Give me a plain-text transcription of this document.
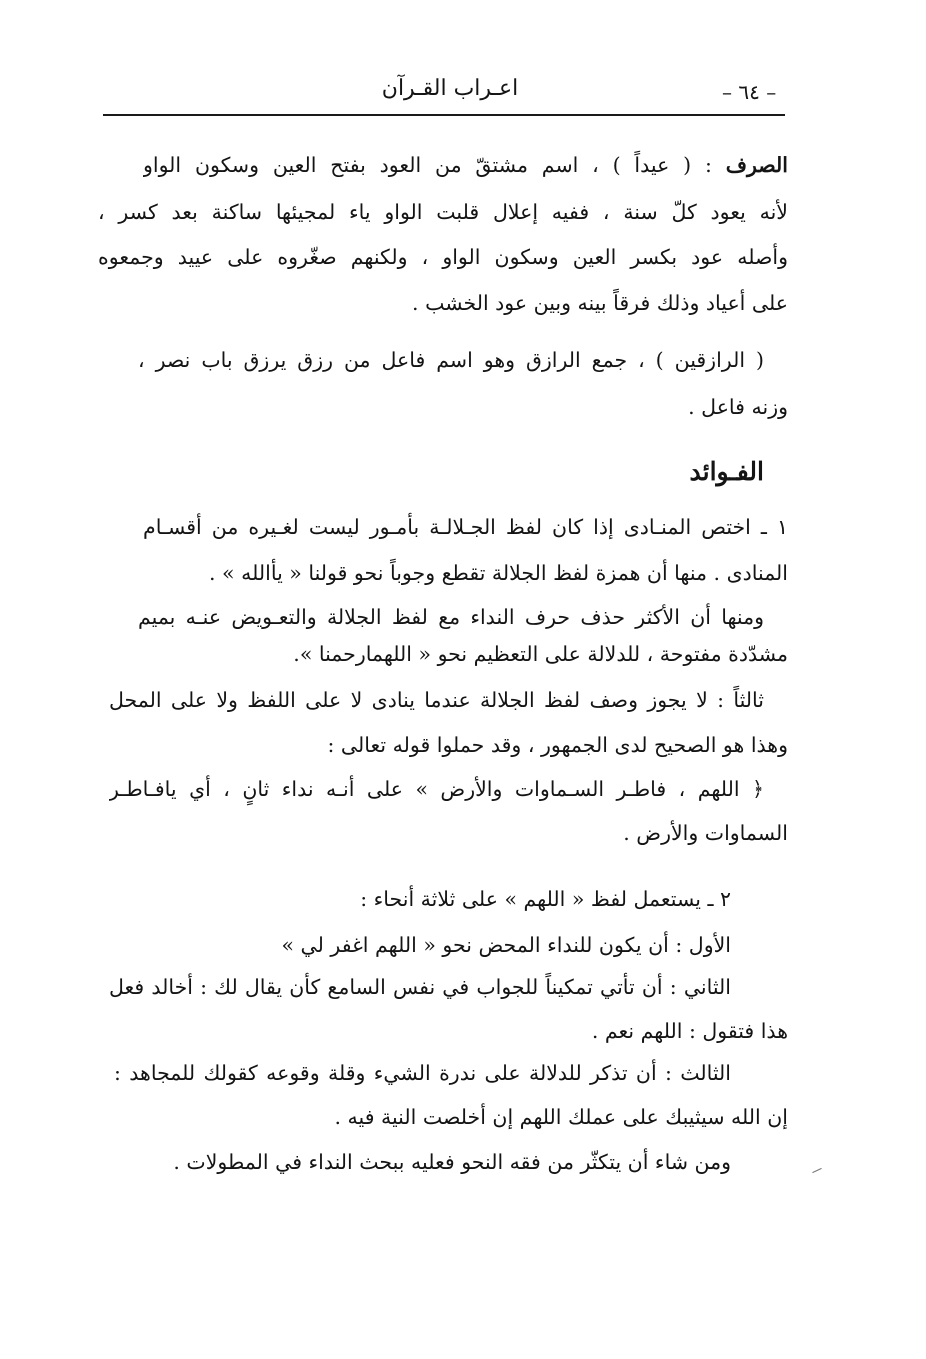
– ٦٤ –
اعـراب القـرآن
الصرف : ( عيداً ) ، اسم مشتقّ من العود بفتح العين وسكون الواو
لأنه يعود كلّ سنة ، ففيه إعلال قلبت الواو ياء لمجيئها ساكنة بعد كسر ،
وأصله عود بكسر العين وسكون الواو ، ولكنهم صغّروه على عييد وجمعوه
على أعياد وذلك فرقاً بينه وبين عود الخشب .
( الرازقين ) ، جمع الرازق وهو اسم فاعل من رزق يرزق باب نصر ،
وزنه فاعل .
الفـوائد
١ ـ اختص المنـادى إذا كان لفظ الجـلالـة بأمـور ليست لغـيره من أقسـام
المنادى . منها أن همزة لفظ الجلالة تقطع وجوباً نحو قولنا « يأالله » .
ومنها أن الأكثر حذف حرف النداء مع لفظ الجلالة والتعـويض عنـه بميم
مشدّدة مفتوحة ، للدلالة على التعظيم نحو « اللهمارحمنا ».
ثالثاً : لا يجوز وصف لفظ الجلالة عندما ينادى لا على اللفظ ولا على المحل
وهذا هو الصحيح لدى الجمهور ، وقد حملوا قوله تعالى :
﴿ اللهم ، فاطـر السـماوات والأرض » على أنـه نداء ثانٍ ، أي يافـاطـر
السماوات والأرض .
٢ ـ يستعمل لفظ « اللهم » على ثلاثة أنحاء :
الأول : أن يكون للنداء المحض نحو « اللهم اغفر لي »
الثاني : أن تأتي تمكيناً للجواب في نفس السامع كأن يقال لك : أخالد فعل
هذا فتقول : اللهم نعم .
الثالث : أن تذكر للدلالة على ندرة الشيء وقلة وقوعه كقولك للمجاهد :
إن الله سيثيبك على عملك اللهم إن أخلصت النية فيه .
ومن شاء أن يتكثّر من فقه النحو فعليه ببحث النداء في المطولات .
